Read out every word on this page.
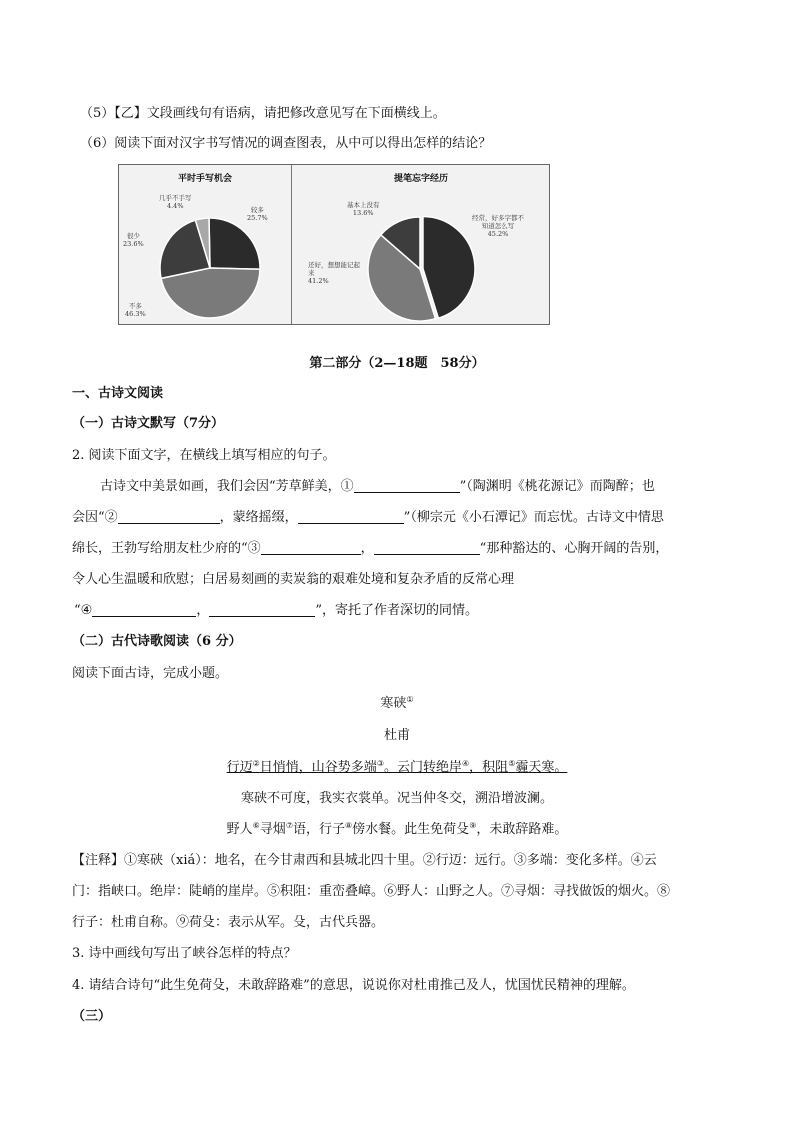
（5）【乙】文段画线句有语病，请把修改意见写在下面横线上。
（6）阅读下面对汉字书写情况的调查图表，从中可以得出怎样的结论？
平时手写机会
较多
25.7%
不多
46.3%
很少
23.6%
几乎不手写
4.4%
提笔忘字经历
经常，好多字都不知道怎么写
45.2%
还好，想想能记起来
41.2%
基本上没有
13.6%
第二部分（2—18题　58分）
一、古诗文阅读
（一）古诗文默写（7分）
2. 阅读下面文字，在横线上填写相应的句子。
古诗文中美景如画，我们会因“芳草鲜美，①	”（陶渊明《桃花源记》而陶醉；也
会因“②	，蒙络摇缀，	”（柳宗元《小石潭记》而忘忧。古诗文中情思
绵长，王勃写给朋友杜少府的“③	，	“那种豁达的、心胸开阔的告别，
令人心生温暖和欣慰；白居易刻画的卖炭翁的艰难处境和复杂矛盾的反常心理
“④	，	”，寄托了作者深切的同情。
（二）古代诗歌阅读（6 分）
阅读下面古诗，完成小题。
寒硖①
杜甫
行迈②日悄悄，山谷势多端③。云门转绝岸④，积阻⑤霾天寒。
寒硖不可度，我实衣裳单。况当仲冬交，溯沿增波澜。
野人⑥寻烟⑦语，行子⑧傍水餐。此生免荷殳⑨，未敢辞路难。
【注释】①寒硖（xiá）：地名，在今甘肃西和县城北四十里。②行迈：远行。③多端：变化多样。④云
门：指峡口。绝岸：陡峭的崖岸。⑤积阻：重峦叠嶂。⑥野人：山野之人。⑦寻烟：寻找做饭的烟火。⑧
行子：杜甫自称。⑨荷殳：表示从军。殳，古代兵器。
3. 诗中画线句写出了峡谷怎样的特点？
4. 请结合诗句“此生免荷殳，未敢辞路难”的意思，说说你对杜甫推己及人，忧国忧民精神的理解。
（三）
